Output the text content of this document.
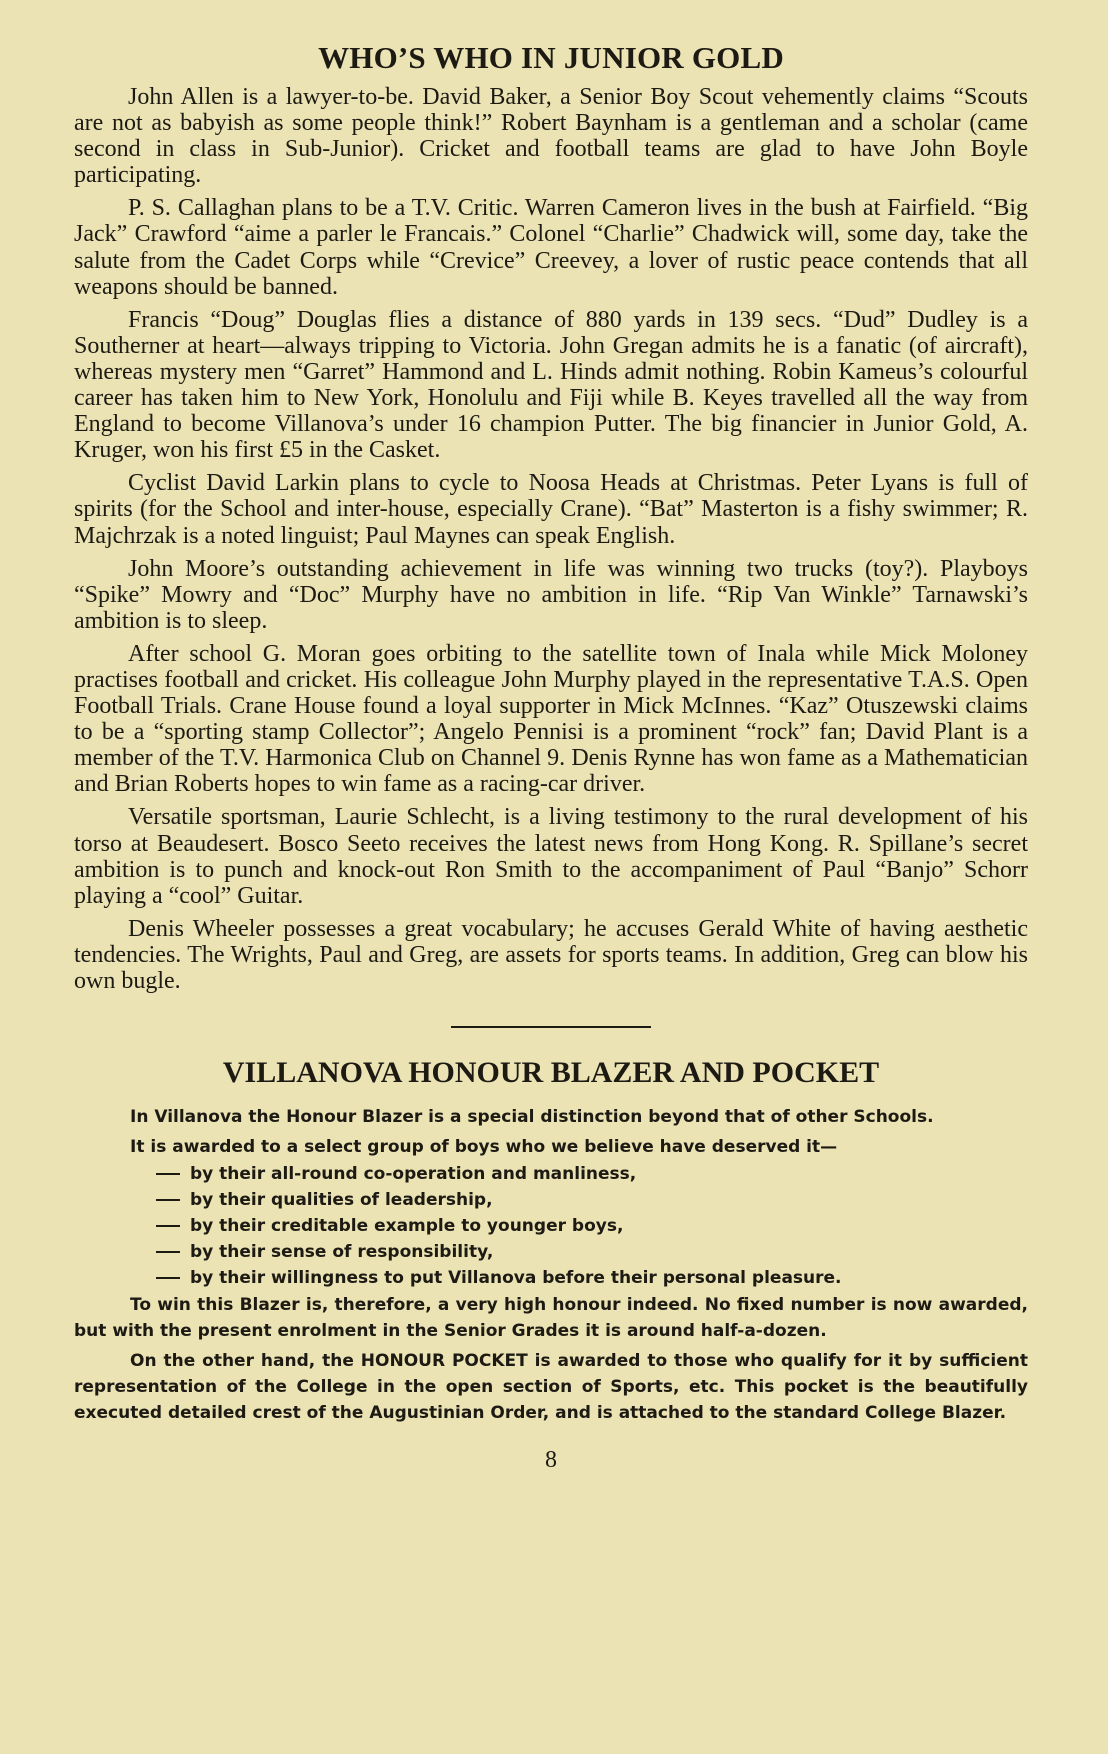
WHO’S WHO IN JUNIOR GOLD

John Allen is a lawyer-to-be. David Baker, a Senior Boy Scout vehemently claims “Scouts are not as babyish as some people think!” Robert Baynham is a gentleman and a scholar (came second in class in Sub-Junior). Cricket and football teams are glad to have John Boyle participating.

P. S. Callaghan plans to be a T.V. Critic. Warren Cameron lives in the bush at Fairfield. “Big Jack” Crawford “aime a parler le Francais.” Colonel “Charlie” Chadwick will, some day, take the salute from the Cadet Corps while “Crevice” Creevey, a lover of rustic peace contends that all weapons should be banned.

Francis “Doug” Douglas flies a distance of 880 yards in 139 secs. “Dud” Dudley is a Southerner at heart—always tripping to Victoria. John Gregan admits he is a fanatic (of aircraft), whereas mystery men “Garret” Hammond and L. Hinds admit nothing. Robin Kameus’s colourful career has taken him to New York, Honolulu and Fiji while B. Keyes travelled all the way from England to become Villanova’s under 16 champion Putter. The big financier in Junior Gold, A. Kruger, won his first £5 in the Casket.

Cyclist David Larkin plans to cycle to Noosa Heads at Christmas. Peter Lyans is full of spirits (for the School and inter-house, especially Crane). “Bat” Masterton is a fishy swimmer; R. Majchrzak is a noted linguist; Paul Maynes can speak English.

John Moore’s outstanding achievement in life was winning two trucks (toy?). Playboys “Spike” Mowry and “Doc” Murphy have no ambition in life. “Rip Van Winkle” Tarnawski’s ambition is to sleep.

After school G. Moran goes orbiting to the satellite town of Inala while Mick Moloney practises football and cricket. His colleague John Murphy played in the representative T.A.S. Open Football Trials. Crane House found a loyal supporter in Mick McInnes. “Kaz” Otuszewski claims to be a “sporting stamp Collector”; Angelo Pennisi is a prominent “rock” fan; David Plant is a member of the T.V. Harmonica Club on Channel 9. Denis Rynne has won fame as a Mathematician and Brian Roberts hopes to win fame as a racing-car driver.

Versatile sportsman, Laurie Schlecht, is a living testimony to the rural development of his torso at Beaudesert. Bosco Seeto receives the latest news from Hong Kong. R. Spillane’s secret ambition is to punch and knock-out Ron Smith to the accompaniment of Paul “Banjo” Schorr playing a “cool” Guitar.

Denis Wheeler possesses a great vocabulary; he accuses Gerald White of having aesthetic tendencies. The Wrights, Paul and Greg, are assets for sports teams. In addition, Greg can blow his own bugle.

VILLANOVA HONOUR BLAZER AND POCKET

In Villanova the Honour Blazer is a special distinction beyond that of other Schools.

It is awarded to a select group of boys who we believe have deserved it—

by their all-round co-operation and manliness,
by their qualities of leadership,
by their creditable example to younger boys,
by their sense of responsibility,
by their willingness to put Villanova before their personal pleasure.

To win this Blazer is, therefore, a very high honour indeed. No fixed number is now awarded, but with the present enrolment in the Senior Grades it is around half-a-dozen.

On the other hand, the HONOUR POCKET is awarded to those who qualify for it by sufficient representation of the College in the open section of Sports, etc. This pocket is the beautifully executed detailed crest of the Augustinian Order, and is attached to the standard College Blazer.

8
